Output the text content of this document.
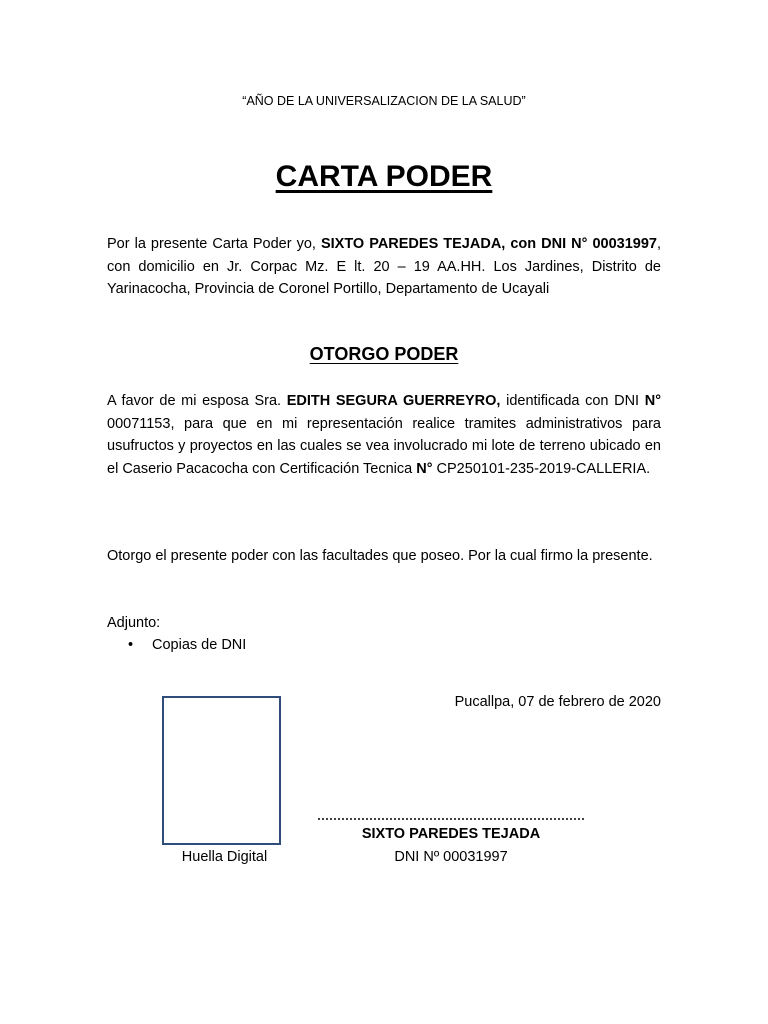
“AÑO DE LA UNIVERSALIZACION DE LA SALUD”
CARTA PODER

Por la presente Carta Poder yo, SIXTO PAREDES TEJADA, con DNI N° 00031997, con domicilio en Jr. Corpac Mz. E lt. 20 – 19 AA.HH. Los Jardines, Distrito de Yarinacocha, Provincia de Coronel Portillo, Departamento de Ucayali

OTORGO PODER

A favor de mi esposa Sra. EDITH SEGURA GUERREYRO, identificada con DNI N° 00071153, para que en mi representación realice tramites administrativos para usufructos y proyectos en las cuales se vea involucrado mi lote de terreno ubicado en el Caserio Pacacocha con Certificación Tecnica N° CP250101-235-2019-CALLERIA.

Otorgo el presente poder con las facultades que poseo. Por la cual firmo la presente.

Adjunto:
• Copias de DNI
Huella Digital
Pucallpa, 07 de febrero de 2020
SIXTO PAREDES TEJADA
DNI Nº 00031997
